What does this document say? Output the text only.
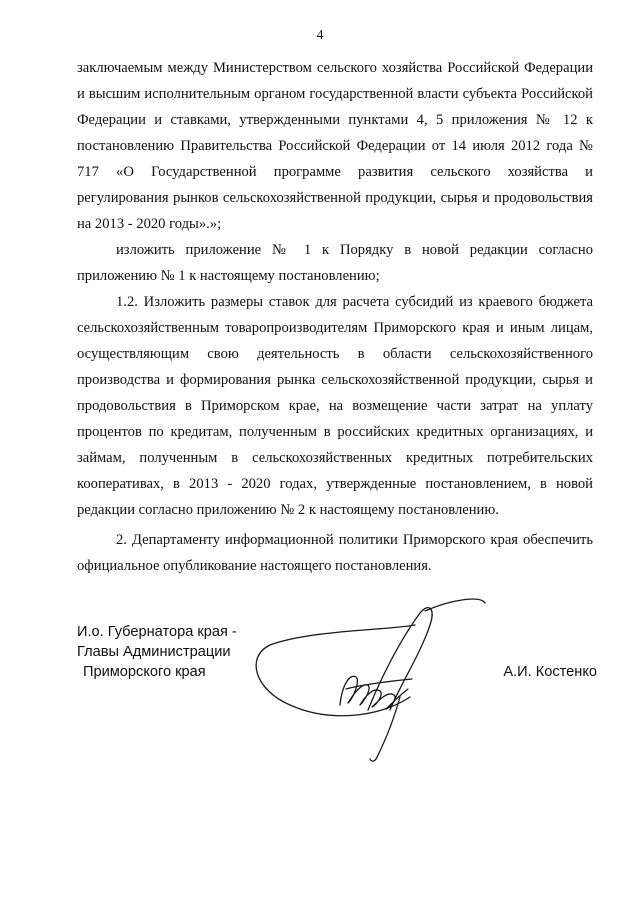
4

заключаемым между Министерством сельского хозяйства Российской Федерации и высшим исполнительным органом государственной власти субъекта Российской Федерации и ставками, утвержденными пунктами 4, 5 приложения № 12 к постановлению Правительства Российской Федерации от 14 июля 2012 года № 717 «О Государственной программе развития сельского хозяйства и регулирования рынков сельскохозяйственной продукции, сырья и продовольствия на 2013 - 2020 годы».»;

изложить приложение № 1 к Порядку в новой редакции согласно приложению № 1 к настоящему постановлению;

1.2. Изложить размеры ставок для расчета субсидий из краевого бюджета сельскохозяйственным товаропроизводителям Приморского края и иным лицам, осуществляющим свою деятельность в области сельскохозяйственного производства и формирования рынка сельскохозяйственной продукции, сырья и продовольствия в Приморском крае, на возмещение части затрат на уплату процентов по кредитам, полученным в российских кредитных организациях, и займам, полученным в сельскохозяйственных кредитных потребительских кооперативах, в 2013 - 2020 годах, утвержденные постановлением, в новой редакции согласно приложению № 2 к настоящему постановлению.

2. Департаменту информационной политики Приморского края обеспечить официальное опубликование настоящего постановления.

И.о. Губернатора края -
Главы Администрации
Приморского края	А.И. Костенко
